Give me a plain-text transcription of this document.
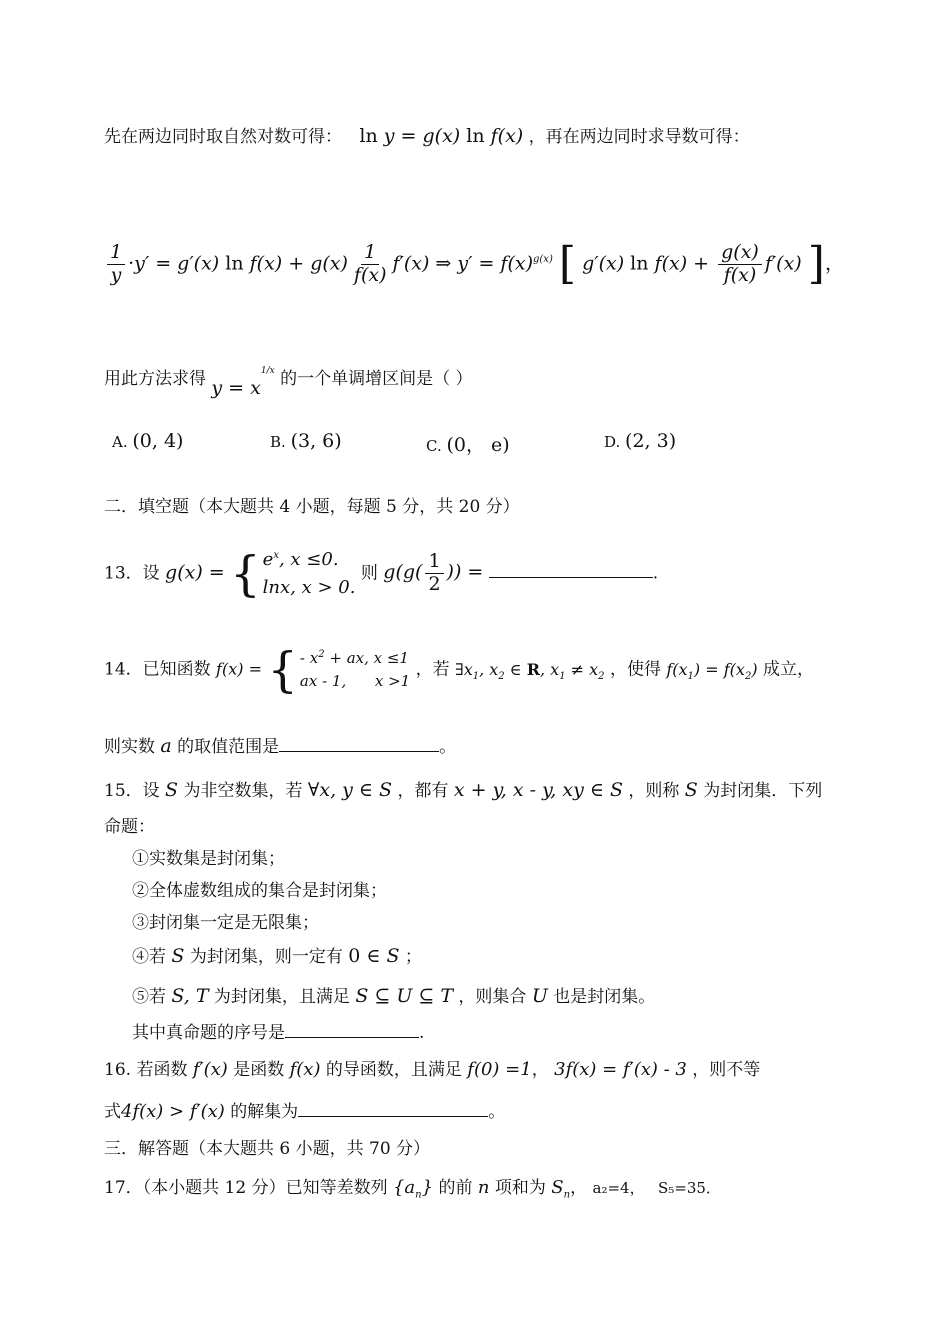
先在两边同时取自然对数可得： ln y = g(x) ln f(x) ，再在两边同时求导数可得：
$\frac{1}{y} \cdot y' = g'(x)$ $\ln f(x) + g(x) \frac{1}{f(x)} f'(x)$ ⇒ $y' = f(x)^{g(x)}$ [ g′(x) $\ln f(x) + \frac{g(x)}{f(x)} f'(x)$ ]，
用此方法求得 $y = x^{1/x}$ 的一个单调增区间是（ ）
A. (0, 4)	B. (3, 6)	C. (0， e)	D. (2, 3)
二．填空题（本大题共 4 小题，每题 5 分，共 20 分）
13．设 g(x) = { $e^x$, x ≤0.
lnx, x > 0.
则 $g(g( \frac{1}{2}$ )) =	.
14．已知函数 f(x) = { - $x^2$ + ax, x ≤1
ax - 1,      x >1
，若 $\exists x_1$, $x_2$ ∈ R, $x_1 \ne x_2$ ，使得 $f(x_1) = f(x_2)$ 成立，
则实数 a 的取值范围是	。
15．设 S 为非空数集，若 ∀x, y ∈ S ，都有 x + y, x - y, xy ∈ S ，则称 S 为封闭集．下列
命题：
①实数集是封闭集；
②全体虚数组成的集合是封闭集；
③封闭集一定是无限集；
④若 S 为封闭集，则一定有 0 ∈ S ；
⑤若 S, T 为封闭集，且满足 S ⊆ U ⊆ T ，则集合 U 也是封闭集。
其中真命题的序号是	.
16. 若函数 f′(x) 是函数 f(x) 的导函数，且满足 f(0) =1， 3f(x) = f′(x) - 3 ，则不等
式4f(x) > f′(x) 的解集为	。
三．解答题（本大题共 6 小题，共 70 分）
17．（本小题共 12 分）已知等差数列 $\{a_n\}$ 的前 n 项和为 $S_n$， a₂=4， S₅=35．
